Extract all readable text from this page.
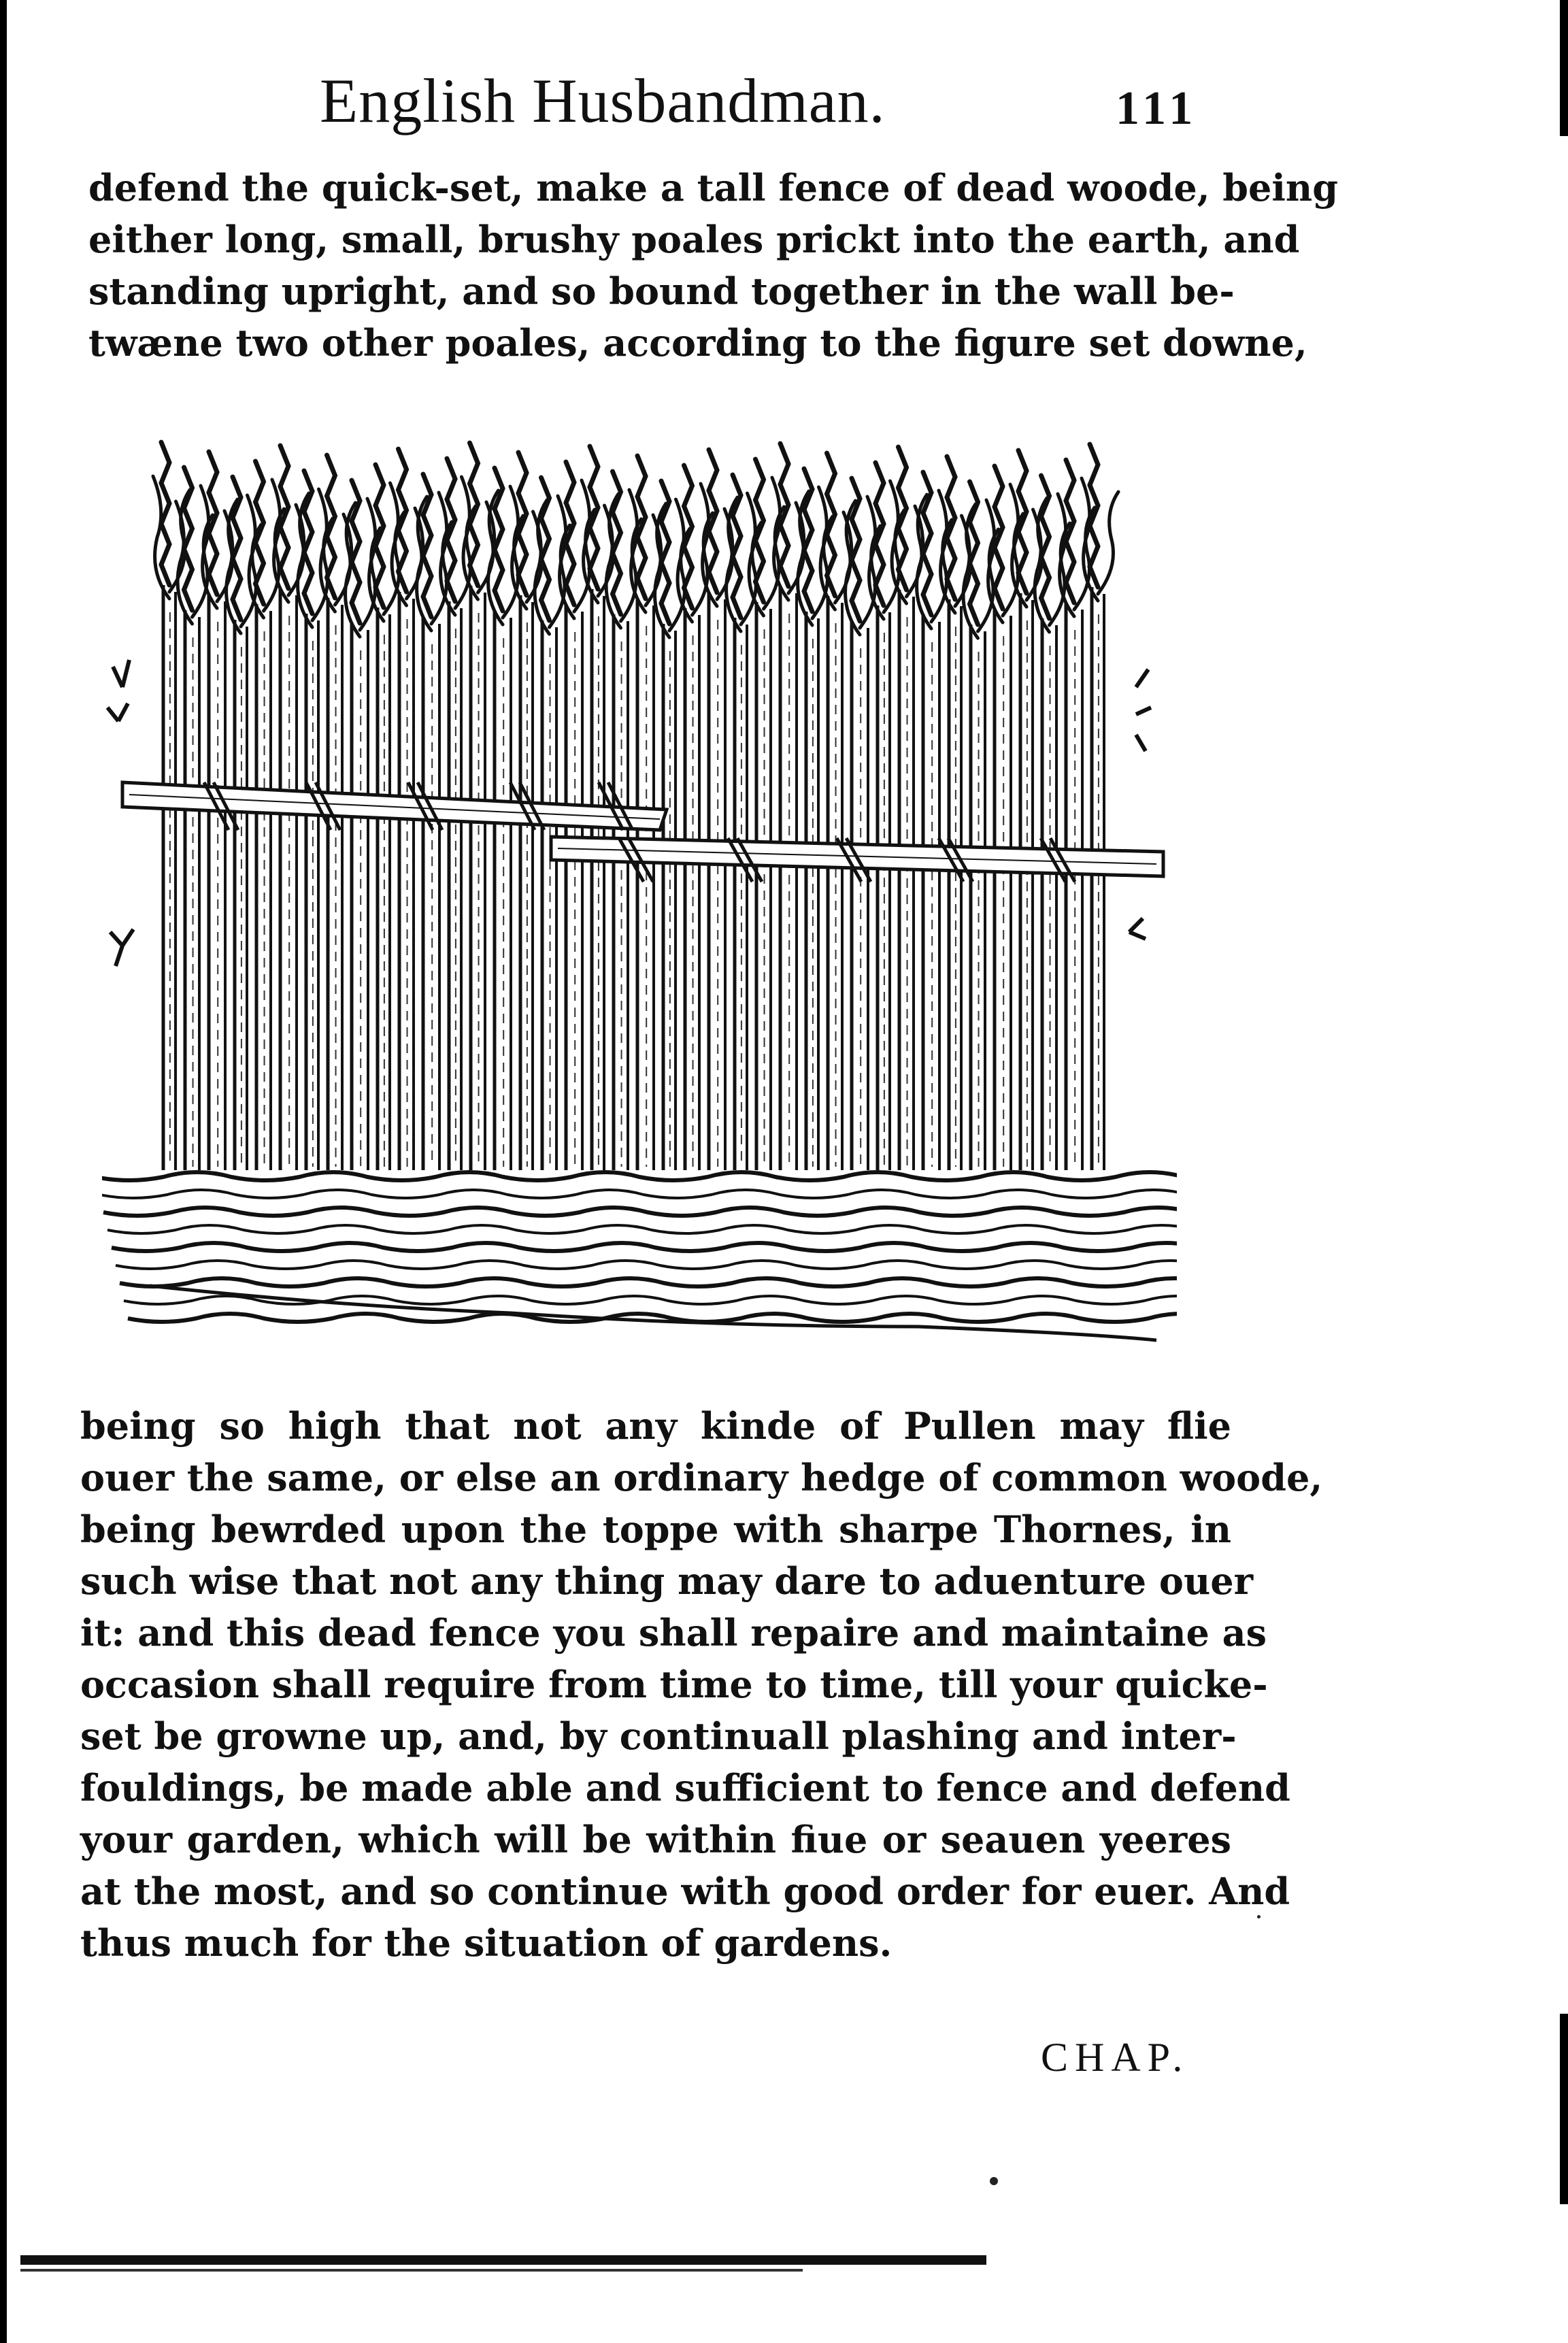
English Husbandman.	111
defend the quick-set, make a tall fence of dead woode, being
either long, small, brushy poales prickt into the earth, and
standing upright, and so bound together in the wall be-
twæne two other poales, according to the figure set downe,
being so high that not any kinde of Pullen may flie
ouer the same, or else an ordinary hedge of common woode,
being bewrded upon the toppe with sharpe Thornes, in
such wise that not any thing may dare to aduenture ouer
it: and this dead fence you shall repaire and maintaine as
occasion shall require from time to time, till your quicke-
set be growne up, and, by continuall plashing and inter-
fouldings, be made able and sufficient to fence and defend
your garden, which will be within fiue or seauen yeeres
at the most, and so continue with good order for euer. And
thus much for the situation of gardens.
CHAP.
